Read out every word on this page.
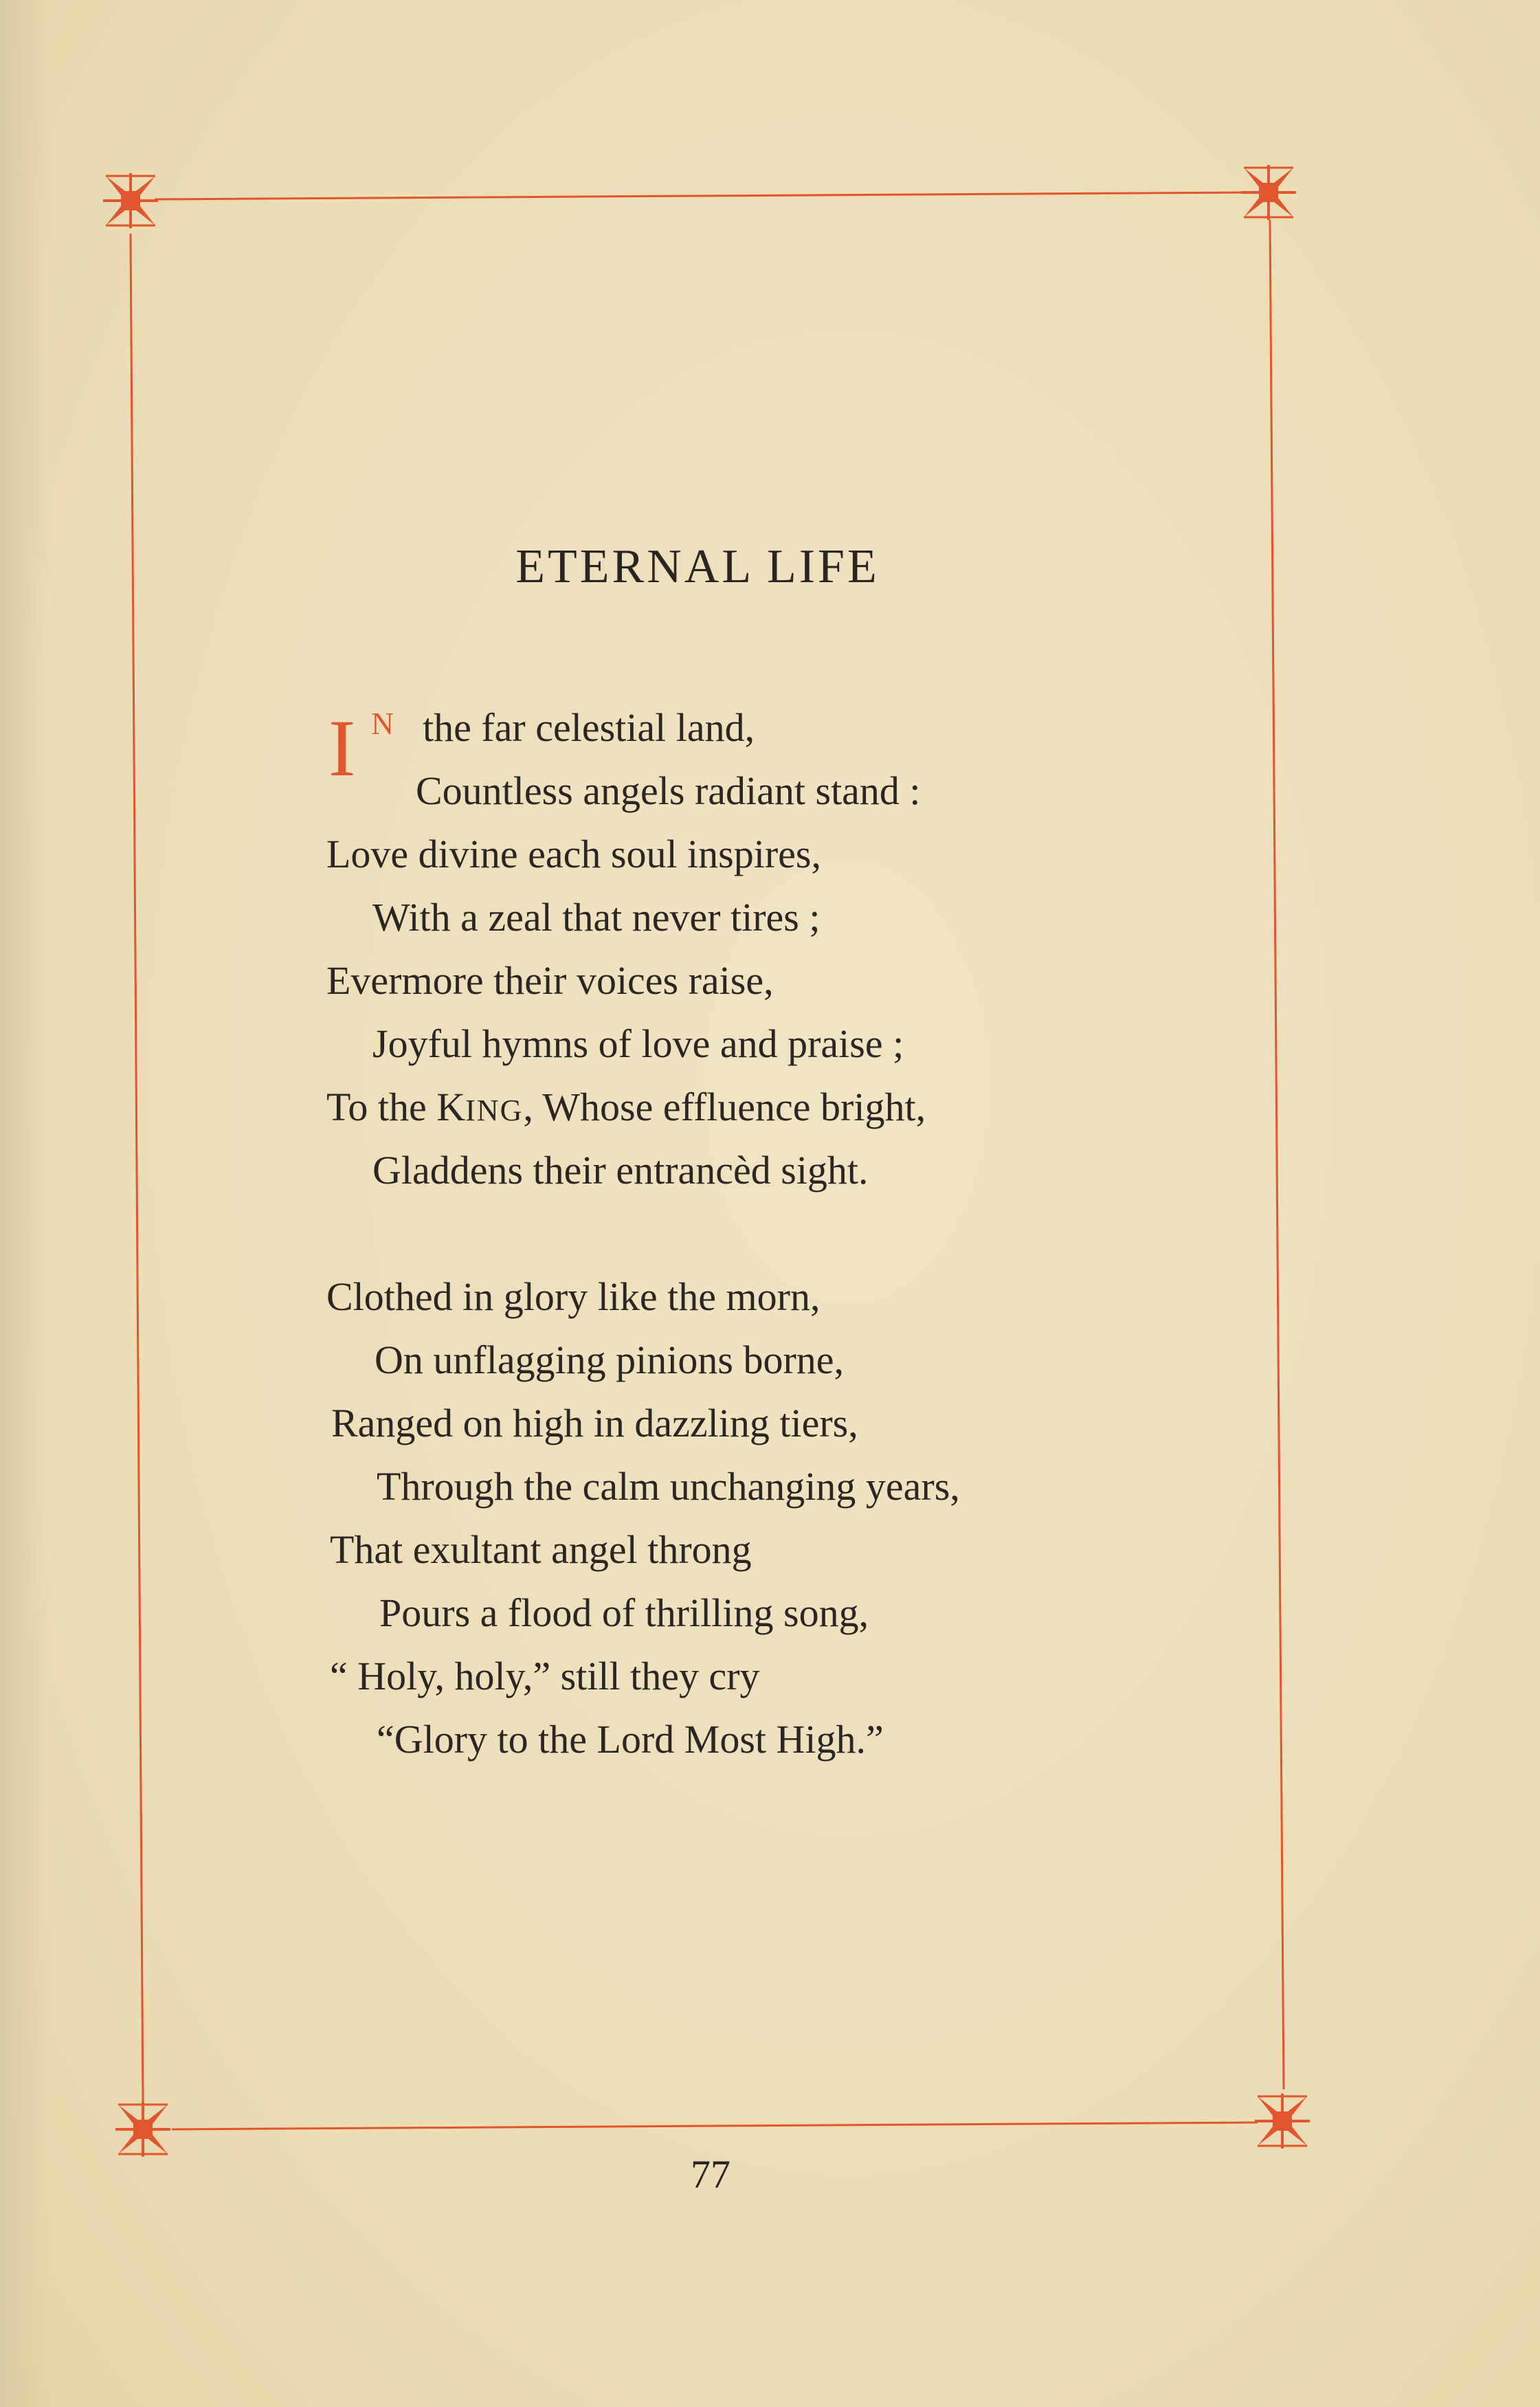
ETERNAL LIFE
I N the far celestial land,
Countless angels radiant stand :
Love divine each soul inspires,
With a zeal that never tires ;
Evermore their voices raise,
Joyful hymns of love and praise ;
To the KING, Whose effluence bright,
Gladdens their entrancèd sight.
Clothed in glory like the morn,
On unflagging pinions borne,
Ranged on high in dazzling tiers,
Through the calm unchanging years,
That exultant angel throng
Pours a flood of thrilling song,
“ Holy, holy,” still they cry
“Glory to the Lord Most High.”
77
